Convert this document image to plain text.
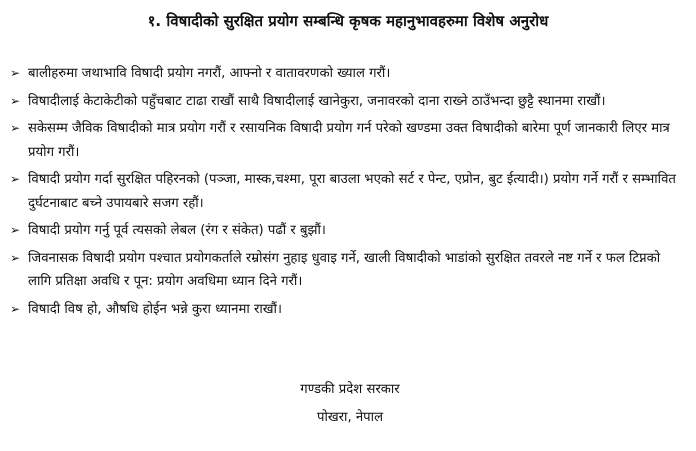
१. विषादीको सुरक्षित प्रयोग सम्बन्धि कृषक महानुभावहरुमा विशेष अनुरोध
➢ बालीहरुमा जथाभावि विषादी प्रयोग नगरौं, आफ्नो र वातावरणको ख्याल गरौं।
➢ विषादीलाई केटाकेटीको पहुँचबाट टाढा राखौं साथै विषादीलाई खानेकुरा, जनावरको दाना राख्ने ठाउँभन्दा छुट्टै स्थानमा राखौं।
➢ सकेसम्म जैविक विषादीको मात्र प्रयोग गरौं र रसायनिक विषादी प्रयोग गर्न परेको खण्डमा उक्त विषादीको बारेमा पूर्ण जानकारी लिएर मात्र प्रयोग गरौं।
➢ विषादी प्रयोग गर्दा सुरक्षित पहिरनको (पञ्जा, मास्क,चश्मा, पूरा बाउला भएको सर्ट र पेन्ट, एप्रोन, बुट ईत्यादी।) प्रयोग गर्ने गरौं र सम्भावित दुर्घटनाबाट बच्ने उपायबारे सजग रहौं।
➢ विषादी प्रयोग गर्नु पूर्व त्यसको लेबल (रंग र संकेत) पढौं र बुझौं।
➢ जिवनासक विषादी प्रयोग पश्चात प्रयोगकर्ताले रम्रोसंग नुहाइ धुवाइ गर्ने, खाली विषादीको भाडांको सुरक्षित तवरले नष्ट गर्ने र फल टिप्नको लागि प्रतिक्षा अवधि र पून: प्रयोग अवधिमा ध्यान दिने गरौं।
➢ विषादी विष हो, औषधि होईन भन्ने कुरा ध्यानमा राखौं।
गण्डकी प्रदेश सरकार
पोखरा, नेपाल
